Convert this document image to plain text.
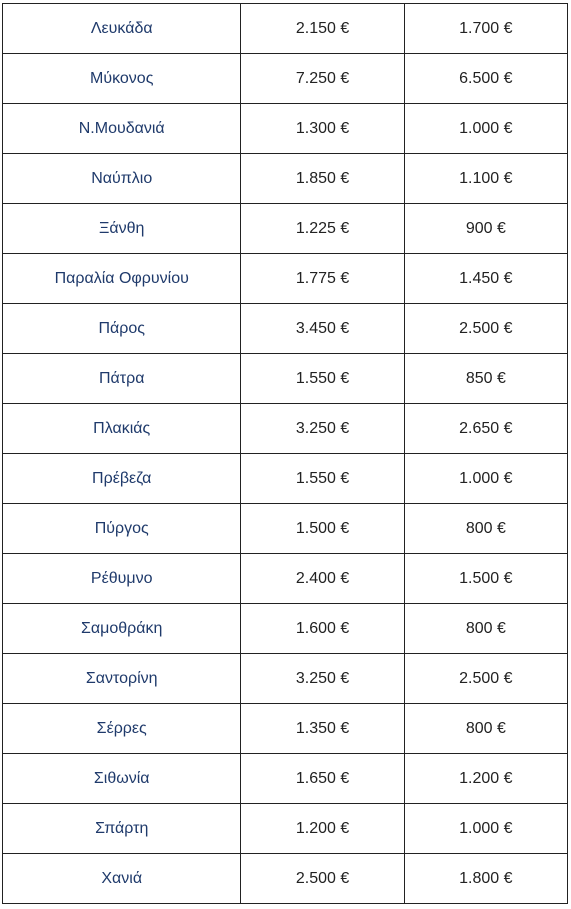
Λευκάδα	2.150 €	1.700 €
Μύκονος	7.250 €	6.500 €
Ν.Μουδανιά	1.300 €	1.000 €
Ναύπλιο	1.850 €	1.100 €
Ξάνθη	1.225 €	900 €
Παραλία Οφρυνίου	1.775 €	1.450 €
Πάρος	3.450 €	2.500 €
Πάτρα	1.550 €	850 €
Πλακιάς	3.250 €	2.650 €
Πρέβεζα	1.550 €	1.000 €
Πύργος	1.500 €	800 €
Ρέθυμνο	2.400 €	1.500 €
Σαμοθράκη	1.600 €	800 €
Σαντορίνη	3.250 €	2.500 €
Σέρρες	1.350 €	800 €
Σιθωνία	1.650 €	1.200 €
Σπάρτη	1.200 €	1.000 €
Χανιά	2.500 €	1.800 €
